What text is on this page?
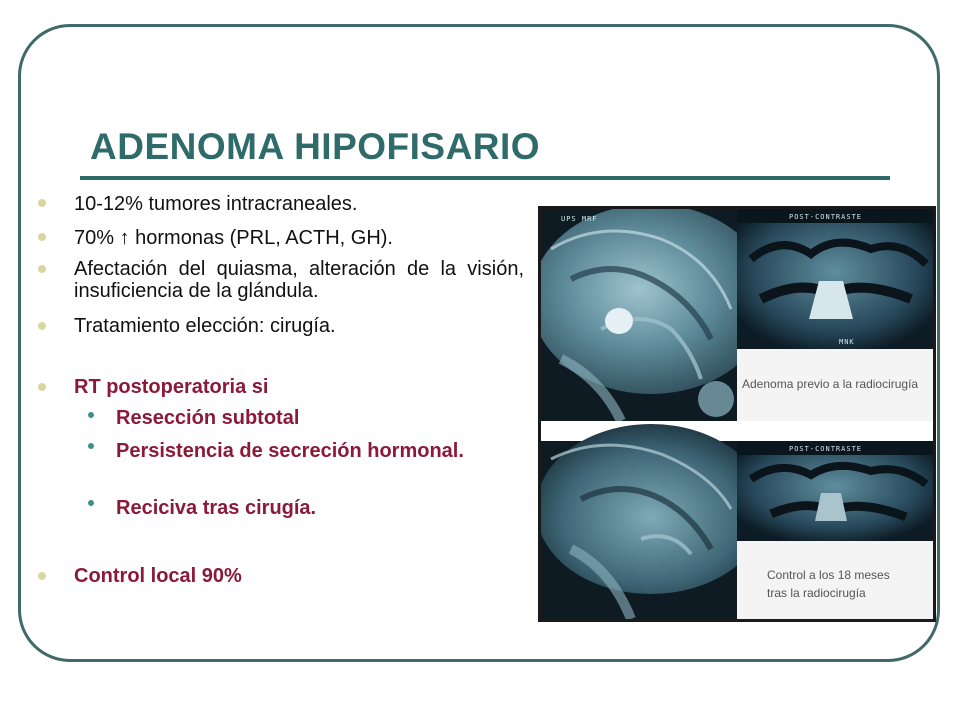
ADENOMA HIPOFISARIO
10-12% tumores intracraneales.
70% ↑ hormonas (PRL, ACTH, GH).
Afectación del quiasma, alteración de la visión, insuficiencia de la glándula.
Tratamiento elección: cirugía.
RT postoperatoria si
Resección subtotal
Persistencia de secreción hormonal.
Reciciva tras cirugía.
Control local 90%
UPS MRF	POST-CONTRASTE
MNK
Adenoma previo a la radiocirugía
POST-CONTRASTE
Control a los 18 meses
tras la radiocirugía
